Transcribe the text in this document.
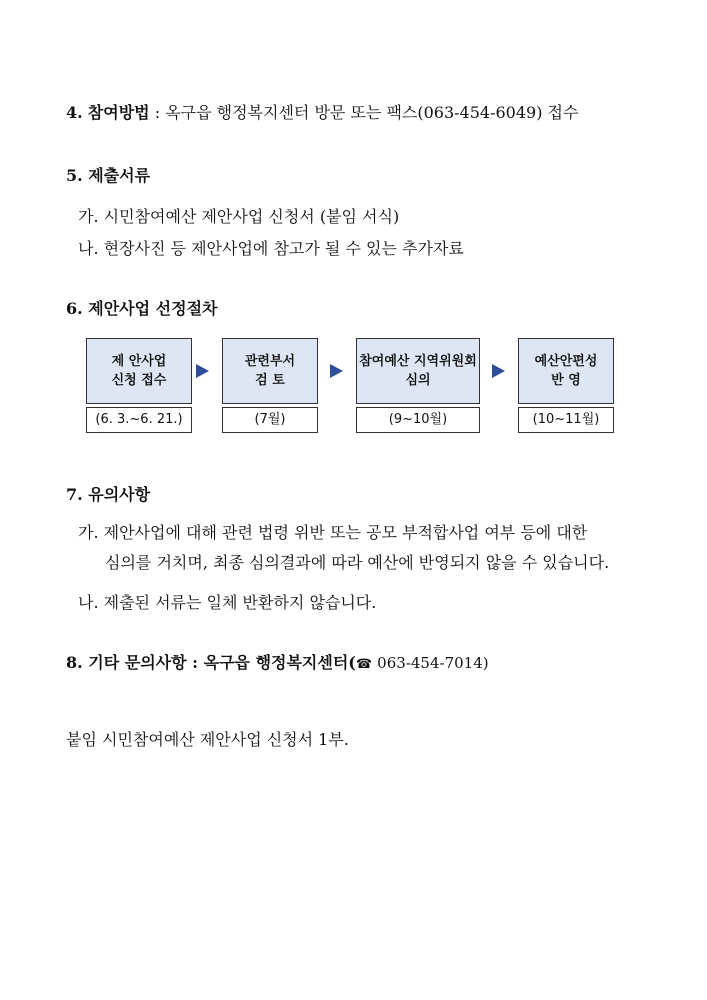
4. 참여방법 : 옥구읍 행정복지센터 방문 또는 팩스(063-454-6049) 접수
5. 제출서류
가. 시민참여예산 제안사업 신청서 (붙임 서식)
나. 현장사진 등 제안사업에 참고가 될 수 있는 추가자료
6. 제안사업 선정절차
제 안사업
신청 접수
(6. 3.~6. 21.)
관련부서
검 토
(7월)
참여예산 지역위원회
심의
(9~10월)
예산안편성
반 영
(10~11월)
7. 유의사항
가. 제안사업에 대해 관련 법령 위반 또는 공모 부적합사업 여부 등에 대한
심의를 거치며, 최종 심의결과에 따라 예산에 반영되지 않을 수 있습니다.
나. 제출된 서류는 일체 반환하지 않습니다.
8. 기타 문의사항 : 옥구읍 행정복지센터(☎ 063-454-7014)
붙임 시민참여예산 제안사업 신청서 1부.
